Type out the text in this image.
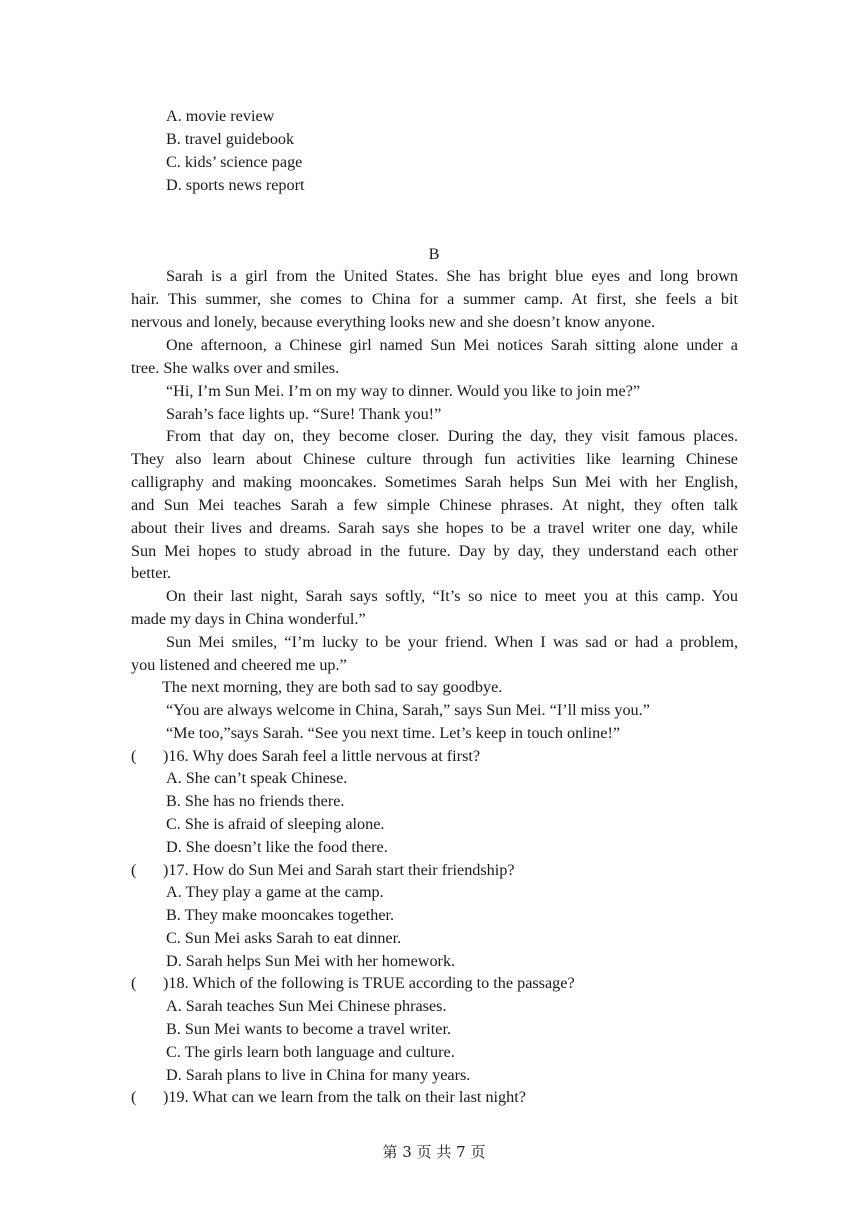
A. movie review
B. travel guidebook
C. kids’ science page
D. sports news report
B
Sarah is a girl from the United States. She has bright blue eyes and long brown
hair. This summer, she comes to China for a summer camp. At first, she feels a bit
nervous and lonely, because everything looks new and she doesn’t know anyone.
One afternoon, a Chinese girl named Sun Mei notices Sarah sitting alone under a
tree. She walks over and smiles.
“Hi, I’m Sun Mei. I’m on my way to dinner. Would you like to join me?”
Sarah’s face lights up. “Sure! Thank you!”
From that day on, they become closer. During the day, they visit famous places.
They also learn about Chinese culture through fun activities like learning Chinese
calligraphy and making mooncakes. Sometimes Sarah helps Sun Mei with her English,
and Sun Mei teaches Sarah a few simple Chinese phrases. At night, they often talk
about their lives and dreams. Sarah says she hopes to be a travel writer one day, while
Sun Mei hopes to study abroad in the future. Day by day, they understand each other
better.
On their last night, Sarah says softly, “It’s so nice to meet you at this camp. You
made my days in China wonderful.”
Sun Mei smiles, “I’m lucky to be your friend. When I was sad or had a problem,
you listened and cheered me up.”
The next morning, they are both sad to say goodbye.
“You are always welcome in China, Sarah,” says Sun Mei. “I’ll miss you.”
“Me too,”says Sarah. “See you next time. Let’s keep in touch online!”
( )16. Why does Sarah feel a little nervous at first?
A. She can’t speak Chinese.
B. She has no friends there.
C. She is afraid of sleeping alone.
D. She doesn’t like the food there.
( )17. How do Sun Mei and Sarah start their friendship?
A. They play a game at the camp.
B. They make mooncakes together.
C. Sun Mei asks Sarah to eat dinner.
D. Sarah helps Sun Mei with her homework.
( )18. Which of the following is TRUE according to the passage?
A. Sarah teaches Sun Mei Chinese phrases.
B. Sun Mei wants to become a travel writer.
C. The girls learn both language and culture.
D. Sarah plans to live in China for many years.
( )19. What can we learn from the talk on their last night?
第 3 页 共 7 页
